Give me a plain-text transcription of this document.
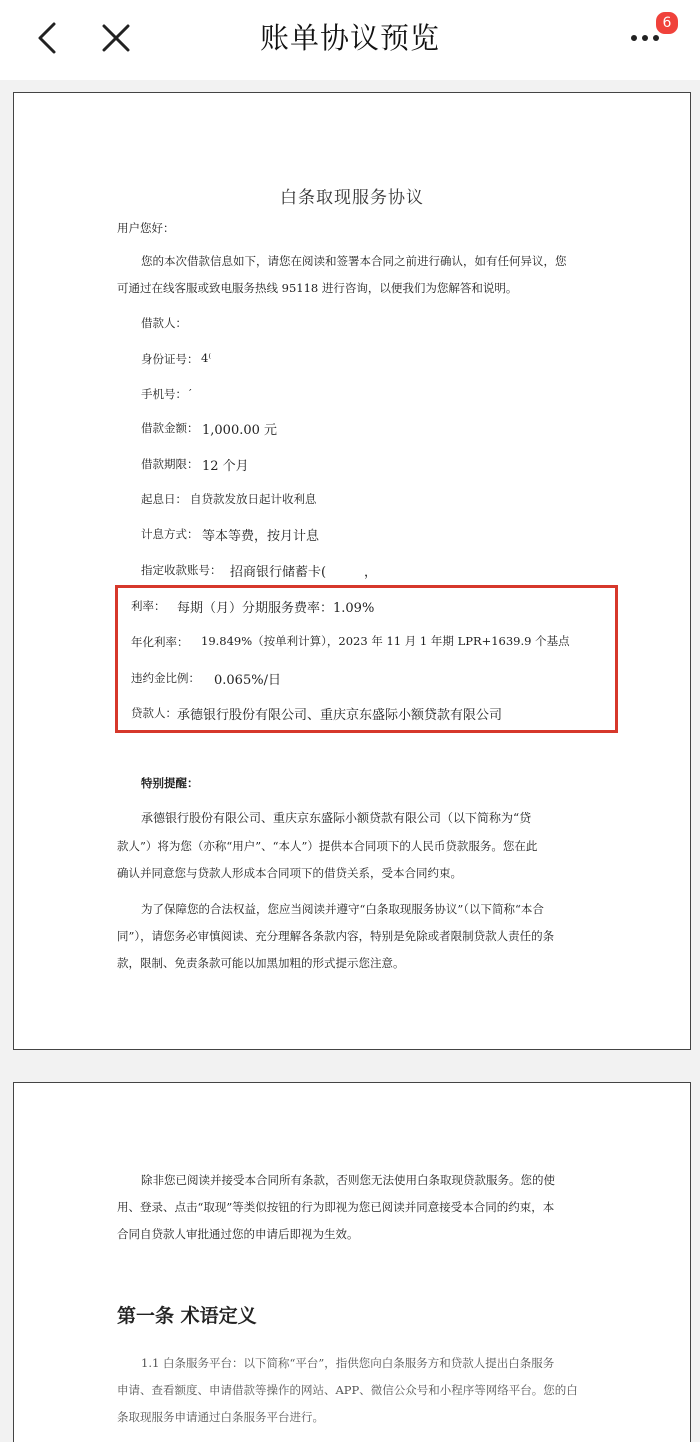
账单协议预览	6
白条取现服务协议
用户您好：
您的本次借款信息如下，请您在阅读和签署本合同之前进行确认，如有任何异议，您
可通过在线客服或致电服务热线 95118 进行咨询，以便我们为您解答和说明。
借款人：
身份证号： 4⁽
手机号： ′
借款金额： 1,000.00 元
借款期限： 12 个月
起息日： 自贷款发放日起计收利息
计息方式： 等本等费，按月计息
指定收款账号： 招商银行储蓄卡(	，
利率： 每期（月）分期服务费率：1.09%
年化利率： 19.849%（按单利计算），2023 年 11 月 1 年期 LPR+1639.9 个基点
违约金比例： 0.065%/日
贷款人： 承德银行股份有限公司、重庆京东盛际小额贷款有限公司
特别提醒：
承德银行股份有限公司、重庆京东盛际小额贷款有限公司（以下简称为“贷
款人”）将为您（亦称“用户”、“本人”）提供本合同项下的人民币贷款服务。您在此
确认并同意您与贷款人形成本合同项下的借贷关系，受本合同约束。
为了保障您的合法权益，您应当阅读并遵守“白条取现服务协议”（以下简称“本合
同”），请您务必审慎阅读、充分理解各条款内容，特别是免除或者限制贷款人责任的条
款，限制、免责条款可能以加黑加粗的形式提示您注意。
除非您已阅读并接受本合同所有条款，否则您无法使用白条取现贷款服务。您的使
用、登录、点击“取现”等类似按钮的行为即视为您已阅读并同意接受本合同的约束，本
合同自贷款人审批通过您的申请后即视为生效。
第一条 术语定义
1.1 白条服务平台：以下简称“平台”，指供您向白条服务方和贷款人提出白条服务
申请、查看额度、申请借款等操作的网站、APP、微信公众号和小程序等网络平台。您的白
条取现服务申请通过白条服务平台进行。
